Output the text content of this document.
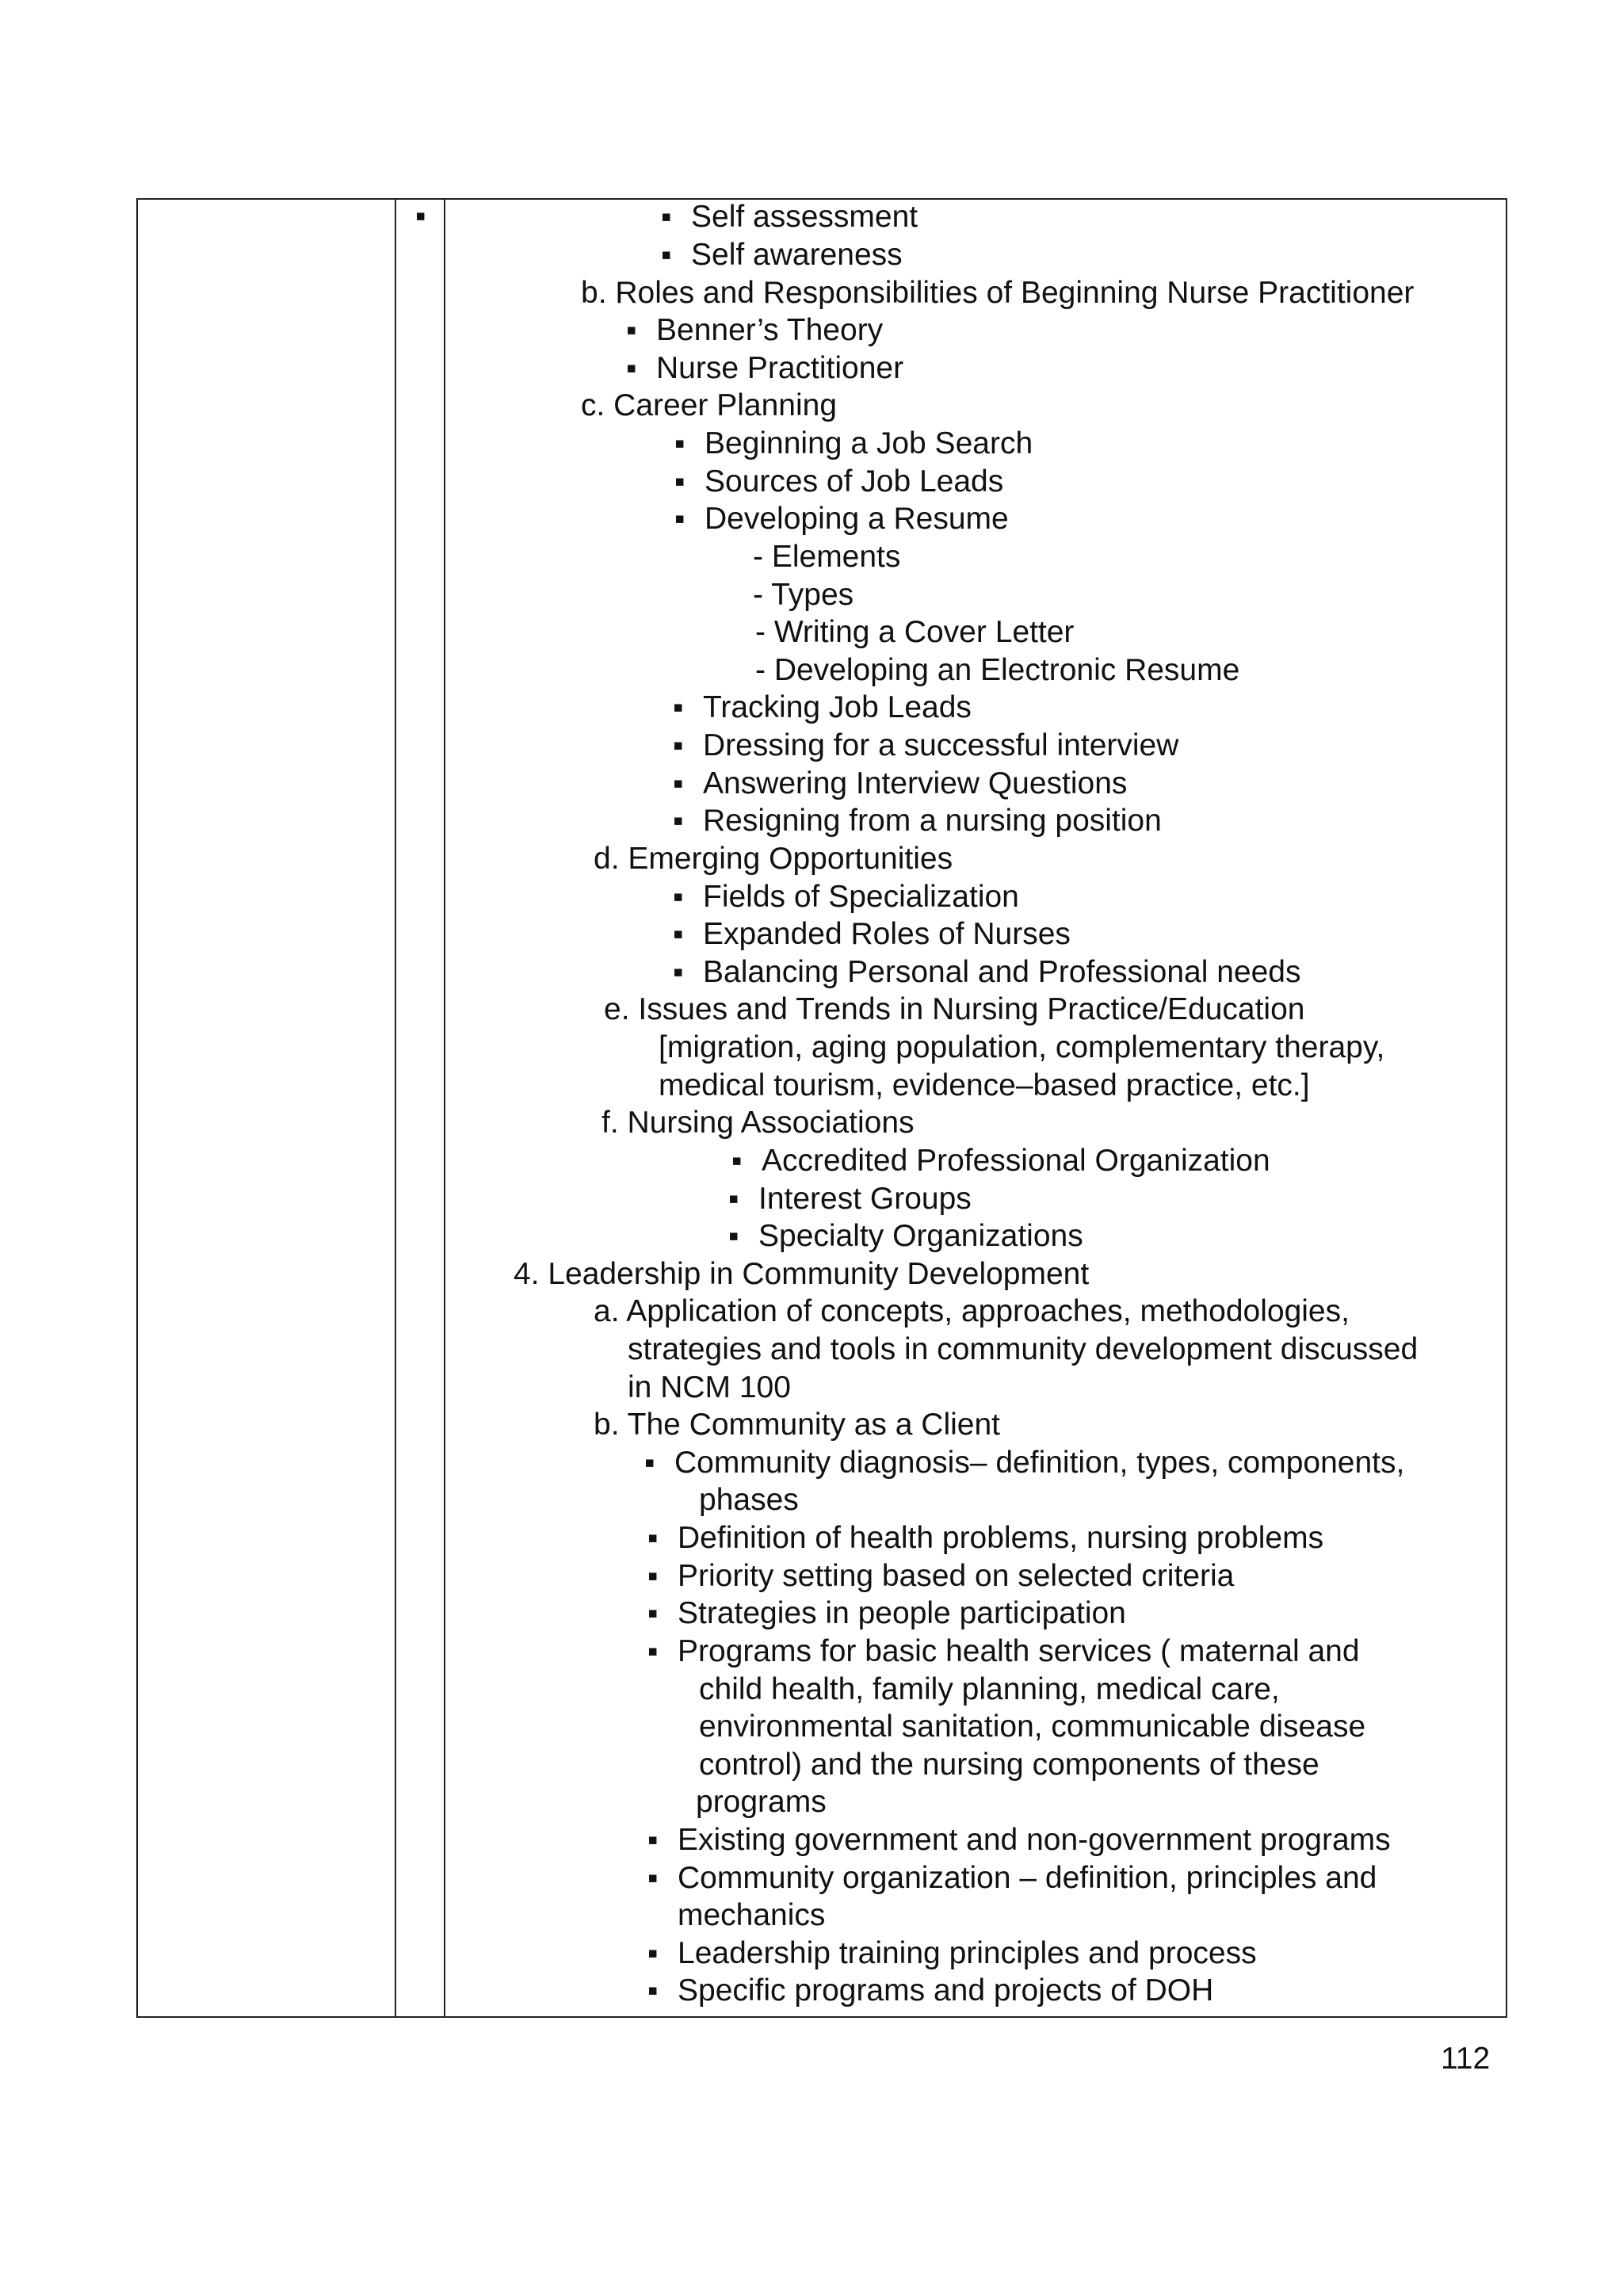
▪
▪ Self assessment
▪ Self awareness
b. Roles and Responsibilities of Beginning Nurse Practitioner
▪ Benner’s Theory
▪ Nurse Practitioner
c. Career Planning
▪ Beginning a Job Search
▪ Sources of Job Leads
▪ Developing a Resume
- Elements
- Types
- Writing a Cover Letter
- Developing an Electronic Resume
▪ Tracking Job Leads
▪ Dressing for a successful interview
▪ Answering Interview Questions
▪ Resigning from a nursing position
d. Emerging Opportunities
▪ Fields of Specialization
▪ Expanded Roles of Nurses
▪ Balancing Personal and Professional needs
e. Issues and Trends in Nursing Practice/Education
[migration, aging population, complementary therapy,
medical tourism, evidence–based practice, etc.]
f. Nursing Associations
▪ Accredited Professional Organization
▪ Interest Groups
▪ Specialty Organizations
4. Leadership in Community Development
a. Application of concepts, approaches, methodologies,
strategies and tools in community development discussed
in NCM 100
b. The Community as a Client
▪ Community diagnosis– definition, types, components,
phases
▪ Definition of health problems, nursing problems
▪ Priority setting based on selected criteria
▪ Strategies in people participation
▪ Programs for basic health services ( maternal and
child health, family planning, medical care,
environmental sanitation, communicable disease
control) and the nursing components of these
programs
▪ Existing government and non-government programs
▪ Community organization – definition, principles and
mechanics
▪ Leadership training principles and process
▪ Specific programs and projects of DOH
112
